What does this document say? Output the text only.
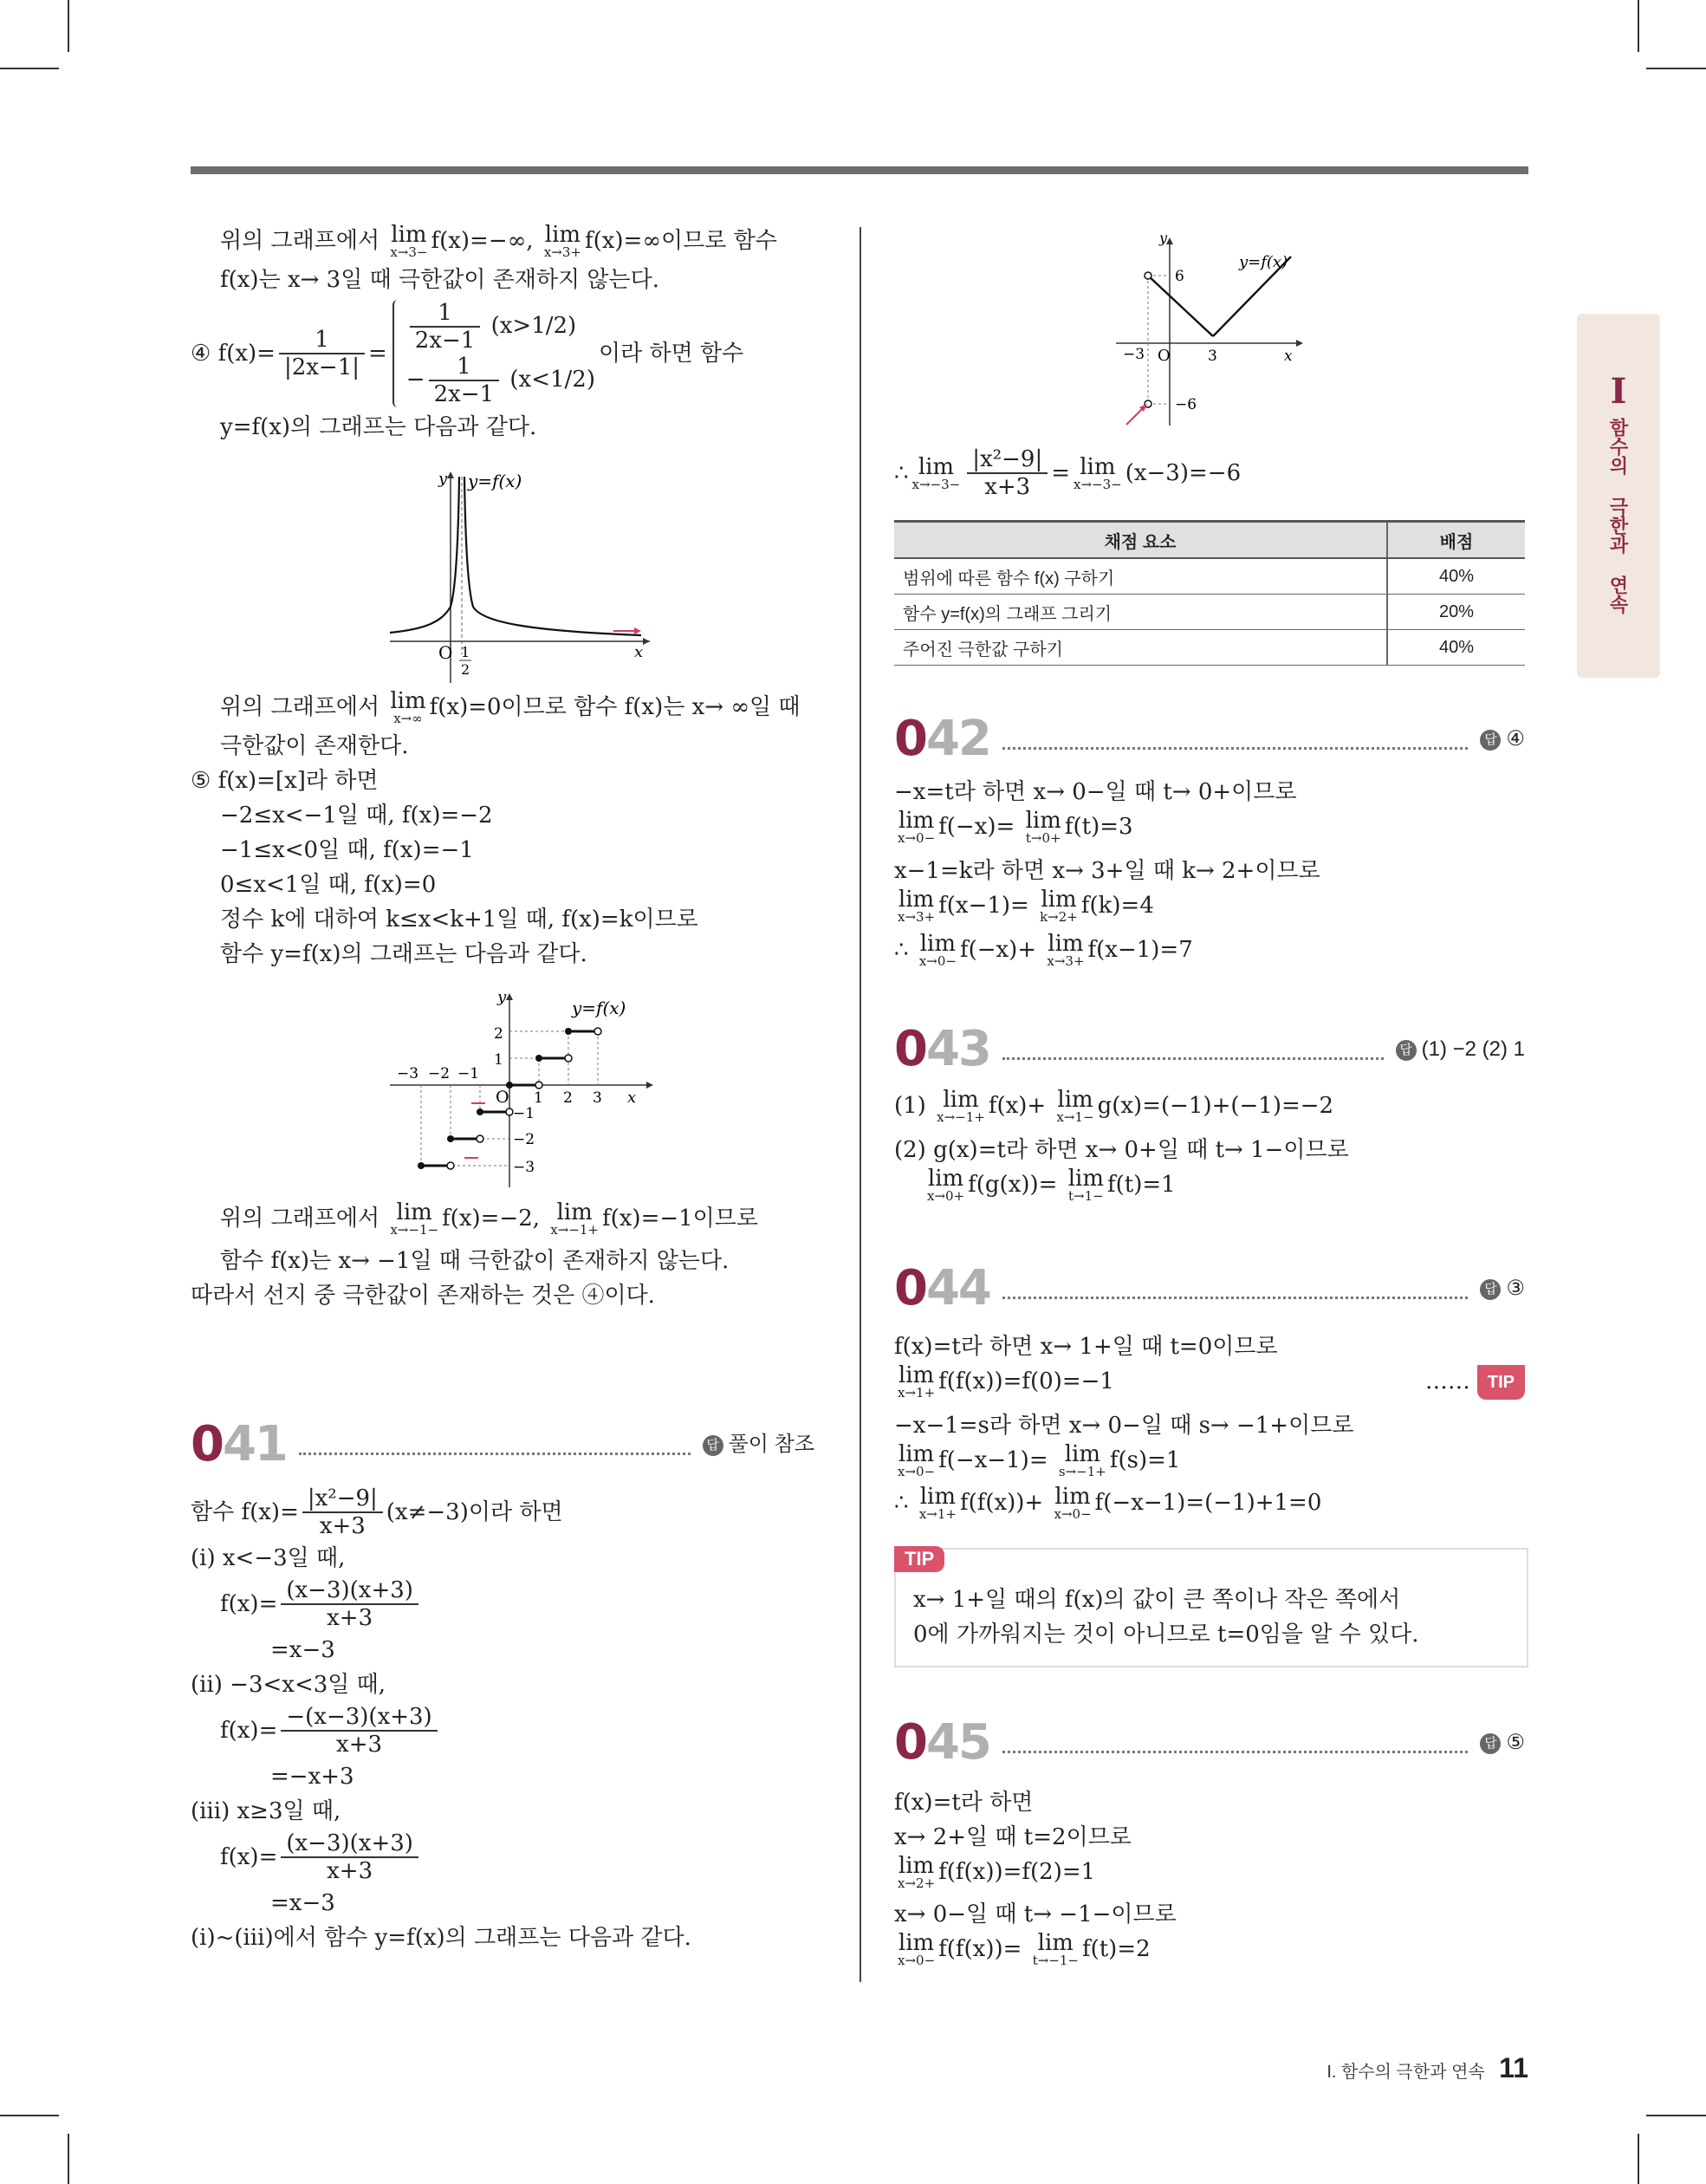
I
함수의 극한과 연속
위의 그래프에서 lim
x→3− f(x)=−∞, lim
x→3+ f(x)=∞이므로 함수
f(x)는 x→ 3일 때 극한값이 존재하지 않는다.
④ $f(x)= \frac{1}{|2x-1|} = \frac{1}{2x-1} (x>1/2)$
− $\frac{1}{2x-1} (x<1/2)$
이라 하면 함수
y=f(x)의 그래프는 다음과 같다.
y y=f(x)
O 1
2
x
위의 그래프에서 lim
x→∞ f(x)=0이므로 함수 f(x)는 x→ ∞일 때
극한값이 존재한다.
⑤ f(x)=[x]라 하면
−2≤x<−1일 때, f(x)=−2
−1≤x<0일 때, f(x)=−1
0≤x<1일 때, f(x)=0
정수 k에 대하여 k≤x<k+1일 때, f(x)=k이므로
함수 y=f(x)의 그래프는 다음과 같다.
y
y=f(x)
2
1
−1
−2
−3
−3 −2 −1
O 1 2 3 x
위의 그래프에서 lim
x→−1− f(x)=−2, lim
x→−1+ f(x)=−1이므로
함수 f(x)는 x→ −1일 때 극한값이 존재하지 않는다.
따라서 선지 중 극한값이 존재하는 것은 ④이다.
041	답 풀이 참조
함수 $f(x)= \frac{\text{|x²−9|}}{x+3} (x\ne-3)$이라 하면
(ⅰ) x<−3일 때,
$f(x)= \frac{(x-3)(x+3)}{x+3}$
=x−3
(ⅱ) −3<x<3일 때,
$f(x)= \frac{-(x-3)(x+3)}{x+3}$
=−x+3
(ⅲ) x≥3일 때,
$f(x)= \frac{(x-3)(x+3)}{x+3}$
=x−3
(ⅰ)~(ⅲ)에서 함수 y=f(x)의 그래프는 다음과 같다.
y
y=f(x)
6
−6
−3 O	3	x
∴ lim
$x\to-3- \frac{\text{|x²−9|}}{x+3} = \lim$
x→−3− (x−3)=−6
채점 요소	배점
범위에 따른 함수 f(x) 구하기	40%
함수 y=f(x)의 그래프 그리기	20%
주어진 극한값 구하기	40%
042	답 ④
−x=t라 하면 x→ 0−일 때 t→ 0+이므로
lim
x→0− f(−x)= lim
t→0+ f(t)=3
x−1=k라 하면 x→ 3+일 때 k→ 2+이므로
lim
x→3+ f(x−1)= lim
k→2+ f(k)=4
∴ lim
x→0− f(−x)+ lim
x→3+ f(x−1)=7
043	답 (1) −2 (2) 1
(1) lim
x→−1+ f(x)+ lim
x→1− g(x)=(−1)+(−1)=−2
(2) g(x)=t라 하면 x→ 0+일 때 t→ 1−이므로
lim
x→0+ f(g(x))= lim
t→1− f(t)=1
044	답 ③
f(x)=t라 하면 x→ 1+일 때 t=0이므로
lim
x→1+ f(f(x))=f(0)=−1	…… TIP
−x−1=s라 하면 x→ 0−일 때 s→ −1+이므로
lim
x→0− f(−x−1)= lim
s→−1+ f(s)=1
∴ lim
x→1+ f(f(x))+ lim
x→0− f(−x−1)=(−1)+1=0
TIP
x→ 1+일 때의 f(x)의 값이 큰 쪽이나 작은 쪽에서
0에 가까워지는 것이 아니므로 t=0임을 알 수 있다.
045	답 ⑤
f(x)=t라 하면
x→ 2+일 때 t=2이므로
lim
x→2+ f(f(x))=f(2)=1
x→ 0−일 때 t→ −1−이므로
lim
x→0− f(f(x))= lim
t→−1− f(t)=2
I. 함수의 극한과 연속 11
